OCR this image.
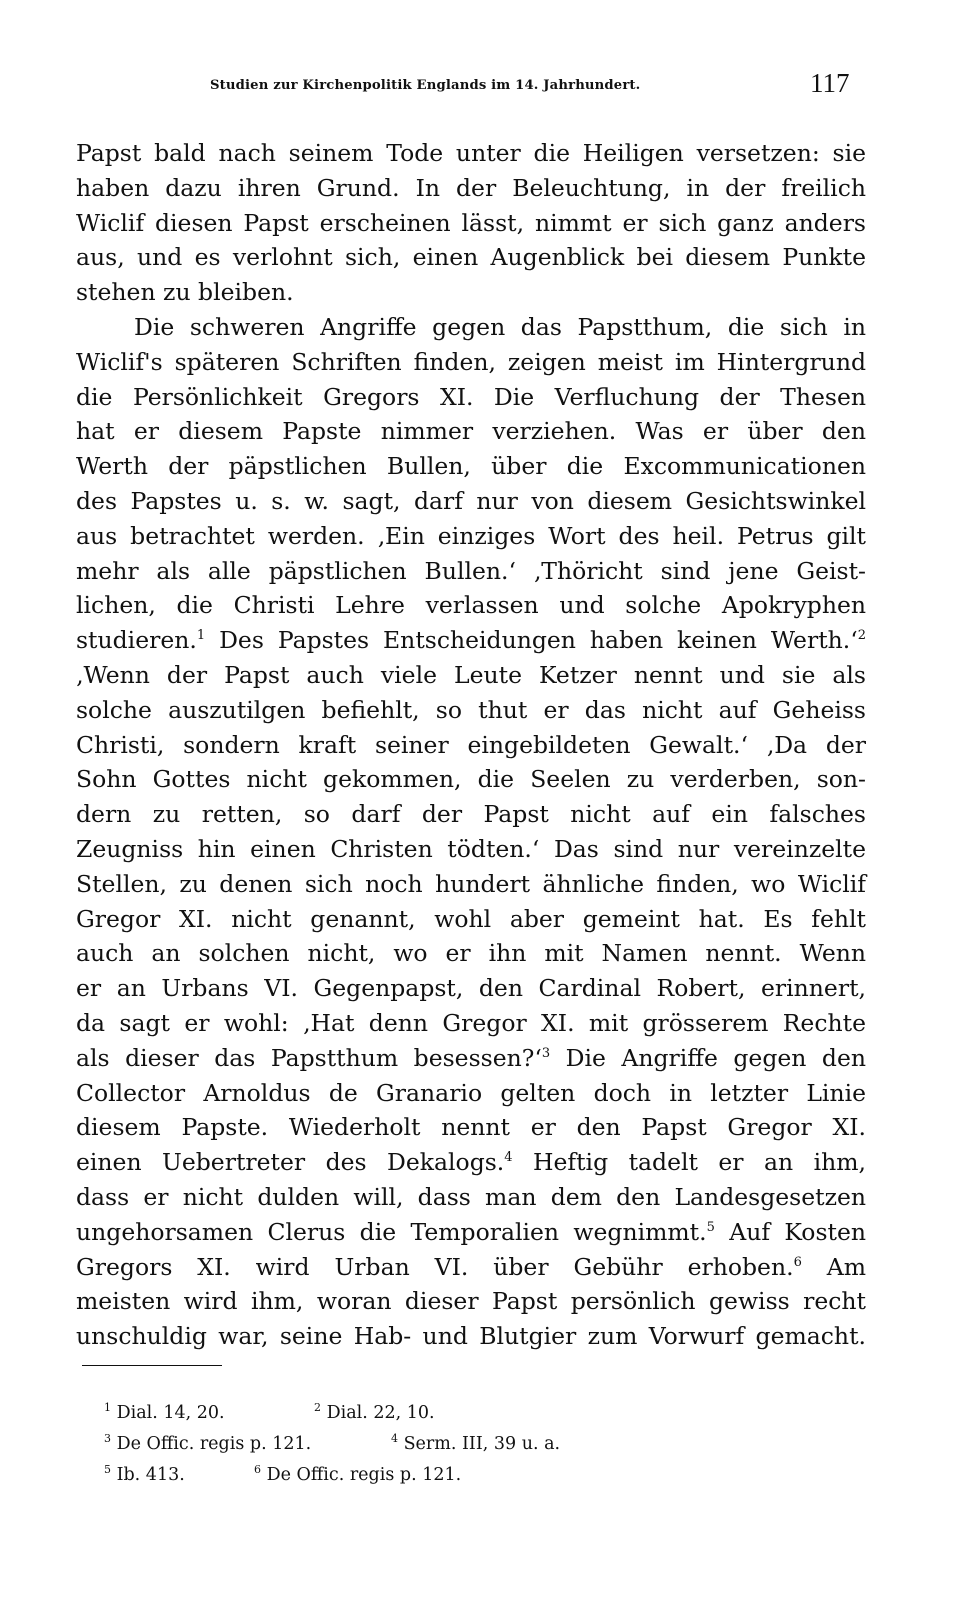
Studien zur Kirchenpolitik Englands im 14. Jahrhundert.	117
Papst bald nach seinem Tode unter die Heiligen versetzen: sie
haben dazu ihren Grund. In der Beleuchtung, in der freilich
Wiclif diesen Papst erscheinen lässt, nimmt er sich ganz anders
aus, und es verlohnt sich, einen Augenblick bei diesem Punkte
stehen zu bleiben.
Die schweren Angriffe gegen das Papstthum, die sich in
Wiclif's späteren Schriften finden, zeigen meist im Hintergrund
die Persönlichkeit Gregors XI. Die Verfluchung der Thesen
hat er diesem Papste nimmer verziehen. Was er über den
Werth der päpstlichen Bullen, über die Excommunicationen
des Papstes u. s. w. sagt, darf nur von diesem Gesichtswinkel
aus betrachtet werden. ‚Ein einziges Wort des heil. Petrus gilt
mehr als alle päpstlichen Bullen.‘ ‚Thöricht sind jene Geist-
lichen, die Christi Lehre verlassen und solche Apokryphen
studieren.$^1$ Des Papstes Entscheidungen haben keinen Werth.‘$^2$
‚Wenn der Papst auch viele Leute Ketzer nennt und sie als
solche auszutilgen befiehlt, so thut er das nicht auf Geheiss
Christi, sondern kraft seiner eingebildeten Gewalt.‘ ‚Da der
Sohn Gottes nicht gekommen, die Seelen zu verderben, son-
dern zu retten, so darf der Papst nicht auf ein falsches
Zeugniss hin einen Christen tödten.‘ Das sind nur vereinzelte
Stellen, zu denen sich noch hundert ähnliche finden, wo Wiclif
Gregor XI. nicht genannt, wohl aber gemeint hat. Es fehlt
auch an solchen nicht, wo er ihn mit Namen nennt. Wenn
er an Urbans VI. Gegenpapst, den Cardinal Robert, erinnert,
da sagt er wohl: ‚Hat denn Gregor XI. mit grösserem Rechte
als dieser das Papstthum besessen?‘$^3$ Die Angriffe gegen den
Collector Arnoldus de Granario gelten doch in letzter Linie
diesem Papste. Wiederholt nennt er den Papst Gregor XI.
einen Uebertreter des Dekalogs.$^4$ Heftig tadelt er an ihm,
dass er nicht dulden will, dass man dem den Landesgesetzen
ungehorsamen Clerus die Temporalien wegnimmt.$^5$ Auf Kosten
Gregors XI. wird Urban VI. über Gebühr erhoben.$^6$ Am
meisten wird ihm, woran dieser Papst persönlich gewiss recht
unschuldig war, seine Hab- und Blutgier zum Vorwurf gemacht.
$^1$ Dial. 14, 20.	$^2$ Dial. 22, 10.
$^3$ De Offic. regis p. 121.	$^4$ Serm. III, 39 u. a.
$^5$ Ib. 413.	$^6$ De Offic. regis p. 121.
